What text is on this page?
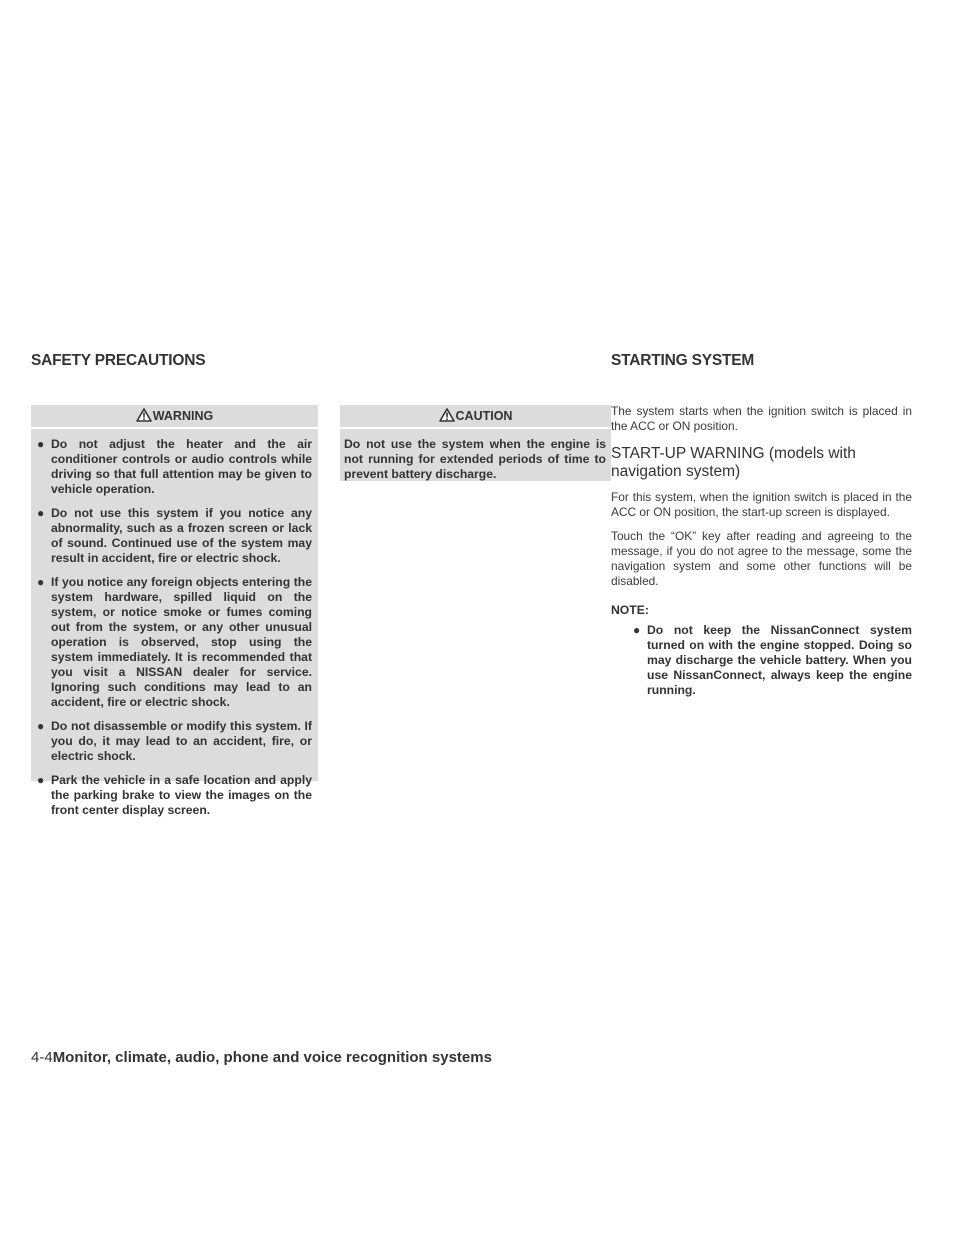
SAFETY PRECAUTIONS	STARTING SYSTEM
WARNING
● Do not adjust the heater and the air conditioner controls or audio controls while driving so that full attention may be given to vehicle operation.
● Do not use this system if you notice any abnormality, such as a frozen screen or lack of sound. Continued use of the system may result in accident, fire or electric shock.
● If you notice any foreign objects entering the system hardware, spilled liquid on the system, or notice smoke or fumes coming out from the system, or any other unusual operation is observed, stop using the system immediately. It is recommended that you visit a NISSAN dealer for service. Ignoring such conditions may lead to an accident, fire or electric shock.
● Do not disassemble or modify this system. If you do, it may lead to an accident, fire, or electric shock.
● Park the vehicle in a safe location and apply the parking brake to view the images on the front center display screen.
CAUTION
Do not use the system when the engine is not running for extended periods of time to prevent battery discharge.

The system starts when the ignition switch is placed in the ACC or ON position.

START-UP WARNING (models with navigation system)

For this system, when the ignition switch is placed in the ACC or ON position, the start-up screen is displayed.

Touch the “OK” key after reading and agreeing to the message, if you do not agree to the message, some the navigation system and some other functions will be disabled.

NOTE:
● Do not keep the NissanConnect system turned on with the engine stopped. Doing so may discharge the vehicle battery. When you use NissanConnect, always keep the engine running.
4-4Monitor, climate, audio, phone and voice recognition systems
